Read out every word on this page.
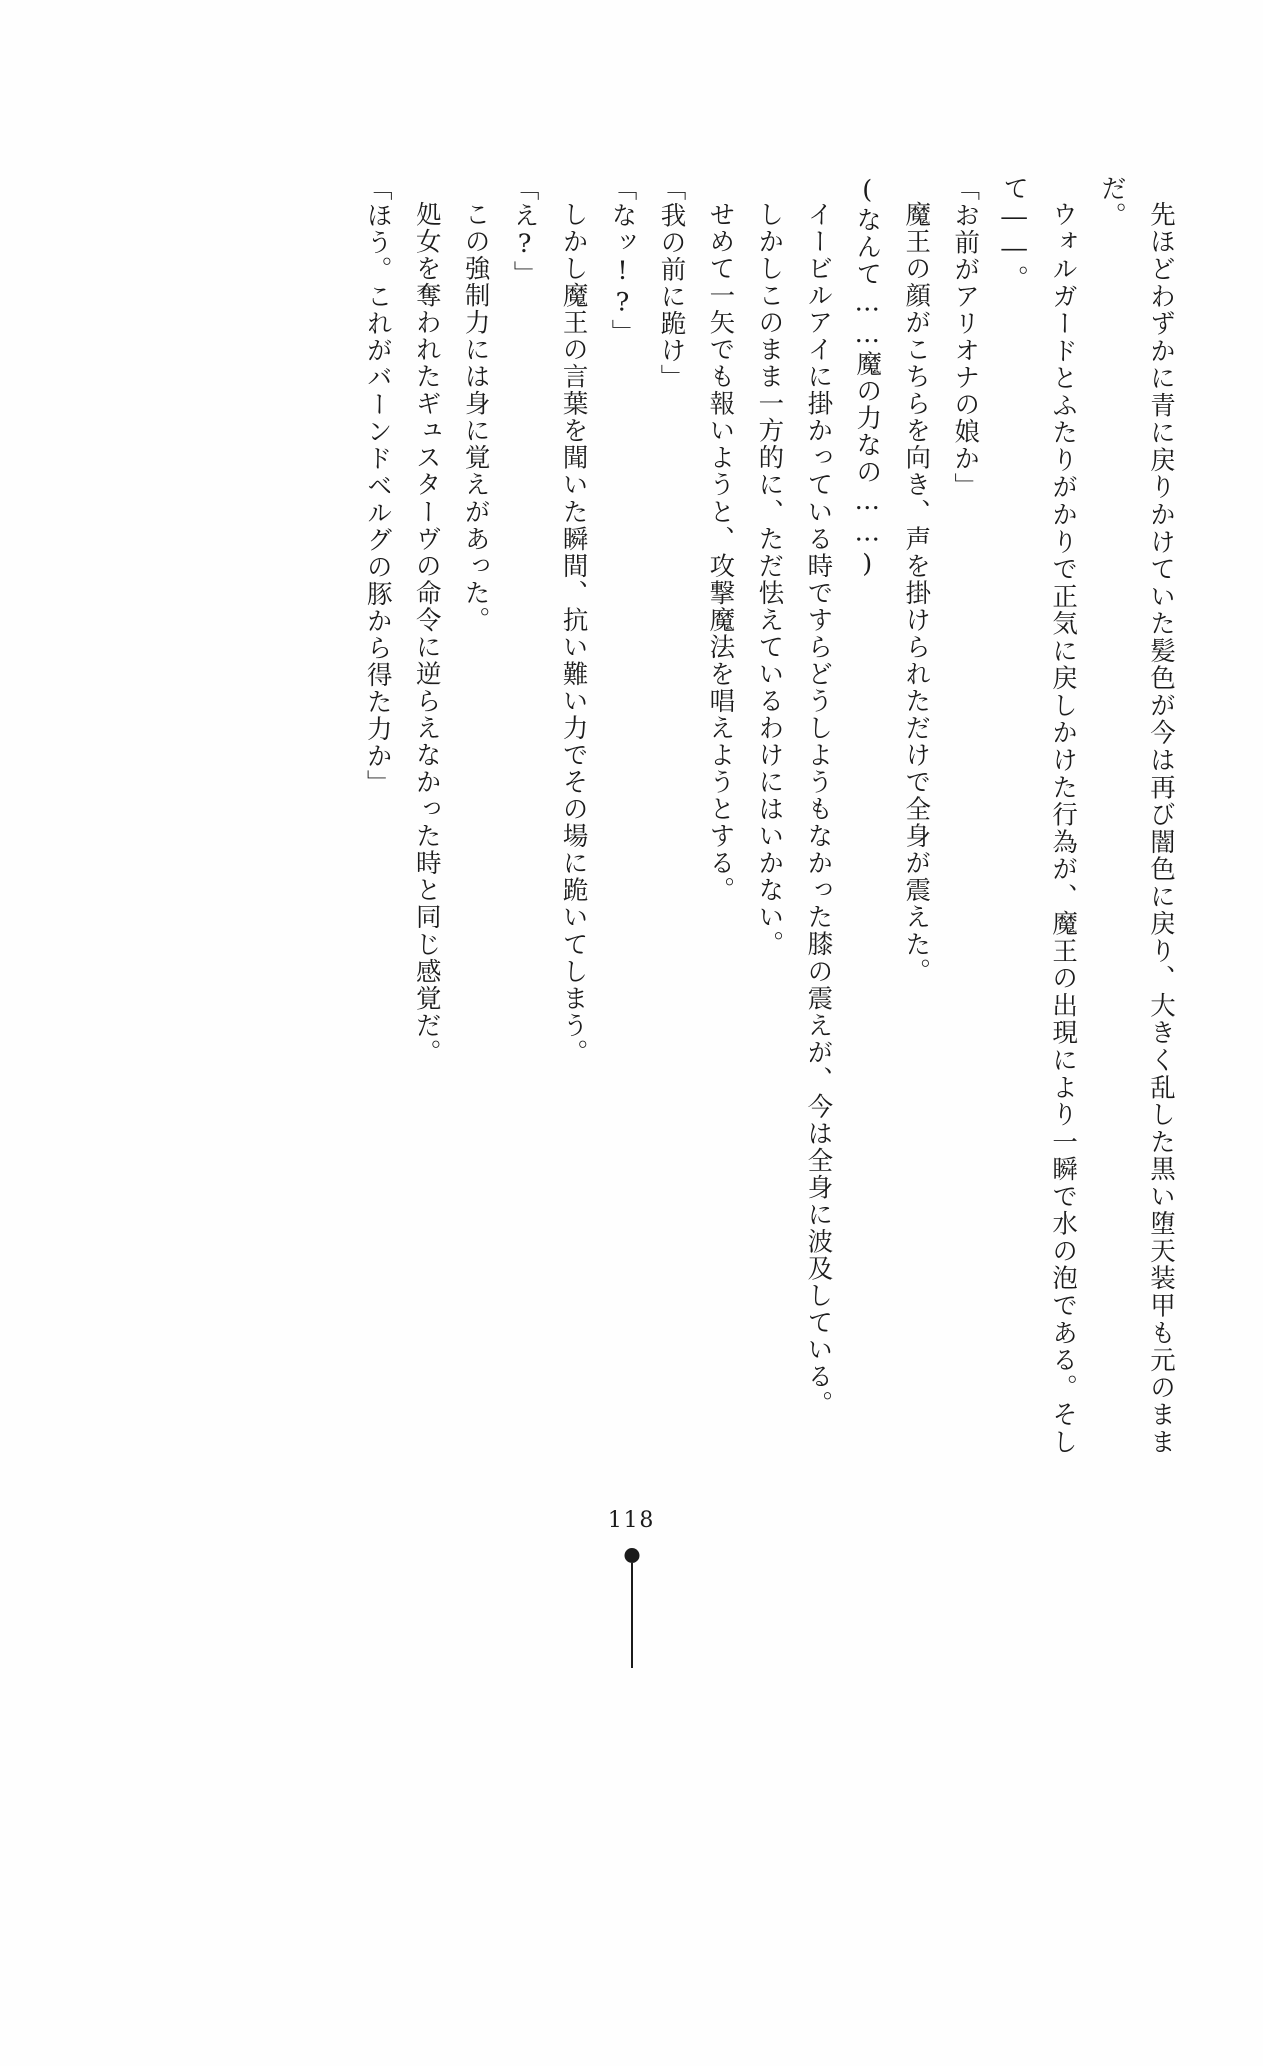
先ほどわずかに青に戻りかけていた髪色が今は再び闇色に戻り、大きく乱した黒い堕天装甲も元のままだ。

ウォルガードとふたりがかりで正気に戻しかけた行為が、魔王の出現により一瞬で水の泡である。そして――。

「お前がアリオナの娘か」

魔王の顔がこちらを向き、声を掛けられただけで全身が震えた。

(なんて……魔の力なの……)

イービルアイに掛かっている時ですらどうしようもなかった膝の震えが、今は全身に波及している。

しかしこのまま一方的に、ただ怯えているわけにはいかない。

せめて一矢でも報いようと、攻撃魔法を唱えようとする。

「我の前に跪け」

「なッ!?」

しかし魔王の言葉を聞いた瞬間、抗い難い力でその場に跪いてしまう。

「え?」

この強制力には身に覚えがあった。

処女を奪われたギュスターヴの命令に逆らえなかった時と同じ感覚だ。

「ほう。これがバーンドベルグの豚から得た力か」

118
